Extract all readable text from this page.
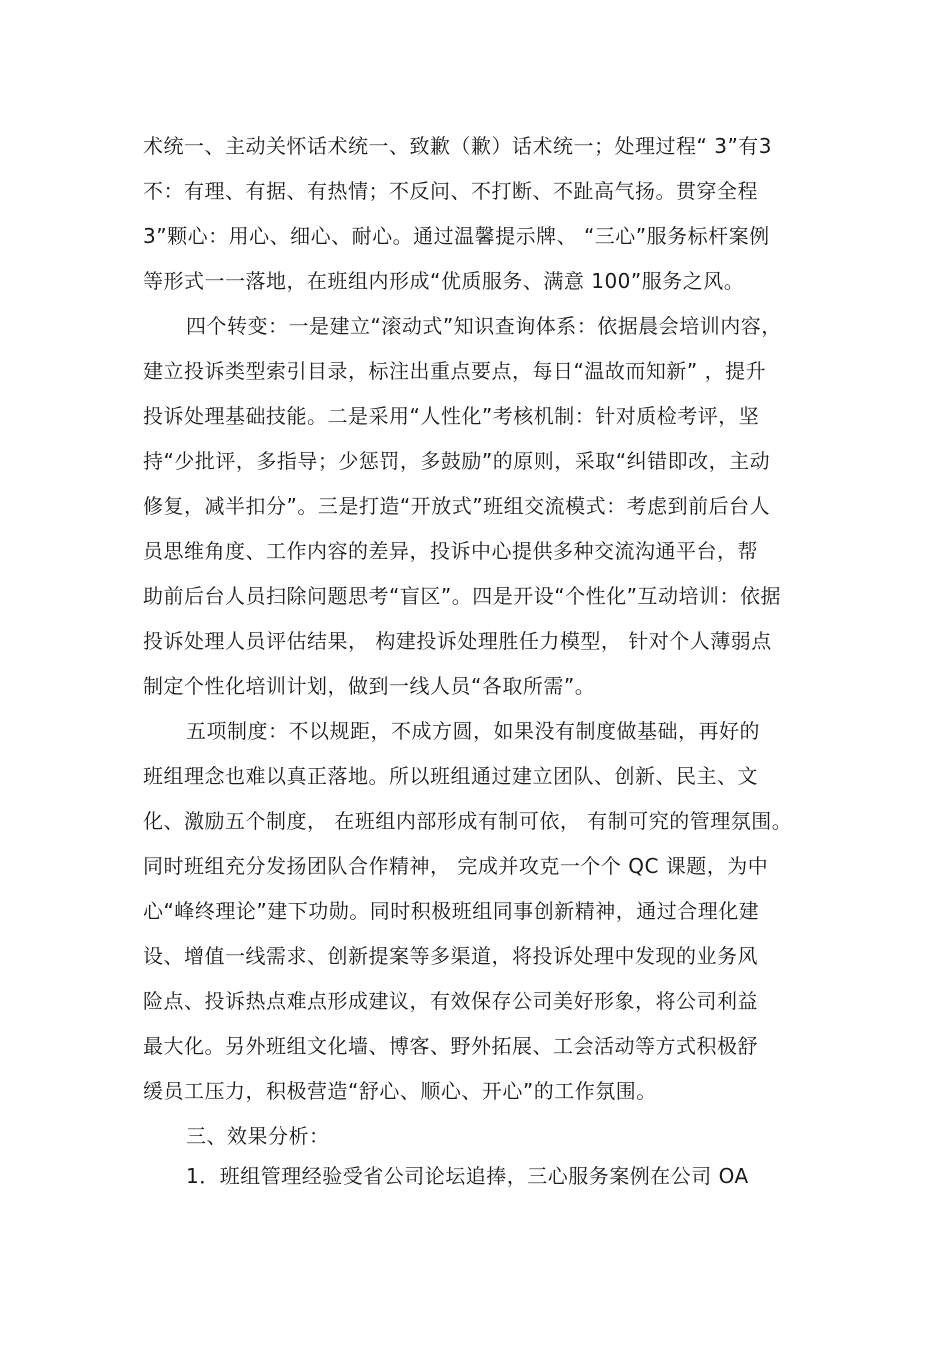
术统一、主动关怀话术统一、致歉（歉）话术统一；处理过程“ 3”有3
不：有理、有据、有热情；不反问、不打断、不趾高气扬。贯穿全程
3”颗心：用心、细心、耐心。通过温馨提示牌、 “三心”服务标杆案例
等形式一一落地，在班组内形成“优质服务、满意 100”服务之风。
四个转变：一是建立“滚动式”知识查询体系：依据晨会培训内容，
建立投诉类型索引目录，标注出重点要点，每日“温故而知新” ，提升
投诉处理基础技能。二是采用“人性化”考核机制：针对质检考评，坚
持“少批评，多指导；少惩罚，多鼓励”的原则，采取“纠错即改，主动
修复，减半扣分”。三是打造“开放式”班组交流模式：考虑到前后台人
员思维角度、工作内容的差异，投诉中心提供多种交流沟通平台，帮
助前后台人员扫除问题思考“盲区”。四是开设“个性化”互动培训：依据
投诉处理人员评估结果， 构建投诉处理胜任力模型， 针对个人薄弱点
制定个性化培训计划，做到一线人员“各取所需”。
五项制度：不以规距，不成方圆，如果没有制度做基础，再好的
班组理念也难以真正落地。所以班组通过建立团队、创新、民主、文
化、激励五个制度， 在班组内部形成有制可依， 有制可究的管理氛围。
同时班组充分发扬团队合作精神， 完成并攻克一个个 QC 课题，为中
心“峰终理论”建下功勋。同时积极班组同事创新精神，通过合理化建
设、增值一线需求、创新提案等多渠道，将投诉处理中发现的业务风
险点、投诉热点难点形成建议，有效保存公司美好形象，将公司利益
最大化。另外班组文化墙、博客、野外拓展、工会活动等方式积极舒
缓员工压力，积极营造“舒心、顺心、开心”的工作氛围。
三、效果分析：
1．班组管理经验受省公司论坛追捧，三心服务案例在公司 OA
